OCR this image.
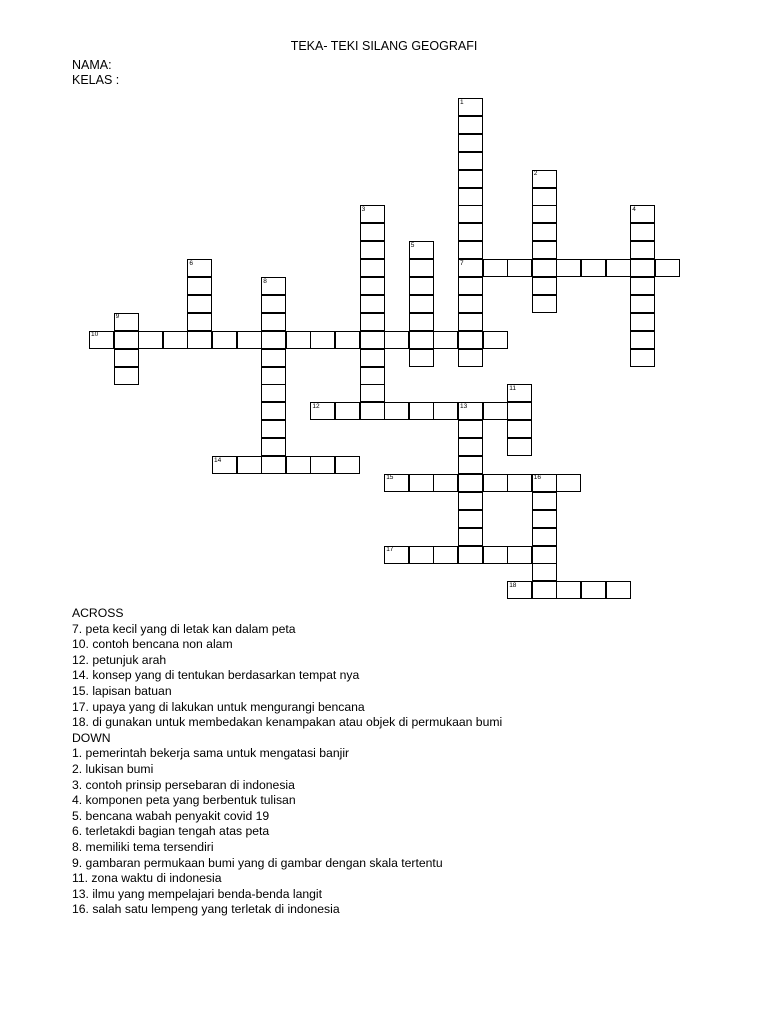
TEKA- TEKI SILANG GEOGRAFI
NAMA:
KELAS :
1
2
3	4
5
6	7
8
9
10
11
12	13
14
15	16
17
18
ACROSS
7. peta kecil yang di letak kan dalam peta
10. contoh bencana non alam
12. petunjuk arah
14. konsep yang di tentukan berdasarkan tempat nya
15. lapisan batuan
17. upaya yang di lakukan untuk mengurangi bencana
18. di gunakan untuk membedakan kenampakan atau objek di permukaan bumi
DOWN
1. pemerintah bekerja sama untuk mengatasi banjir
2. lukisan bumi
3. contoh prinsip persebaran di indonesia
4. komponen peta yang berbentuk tulisan
5. bencana wabah penyakit covid 19
6. terletakdi bagian tengah atas peta
8. memiliki tema tersendiri
9. gambaran permukaan bumi yang di gambar dengan skala tertentu
11. zona waktu di indonesia
13. ilmu yang mempelajari benda-benda langit
16. salah satu lempeng yang terletak di indonesia
